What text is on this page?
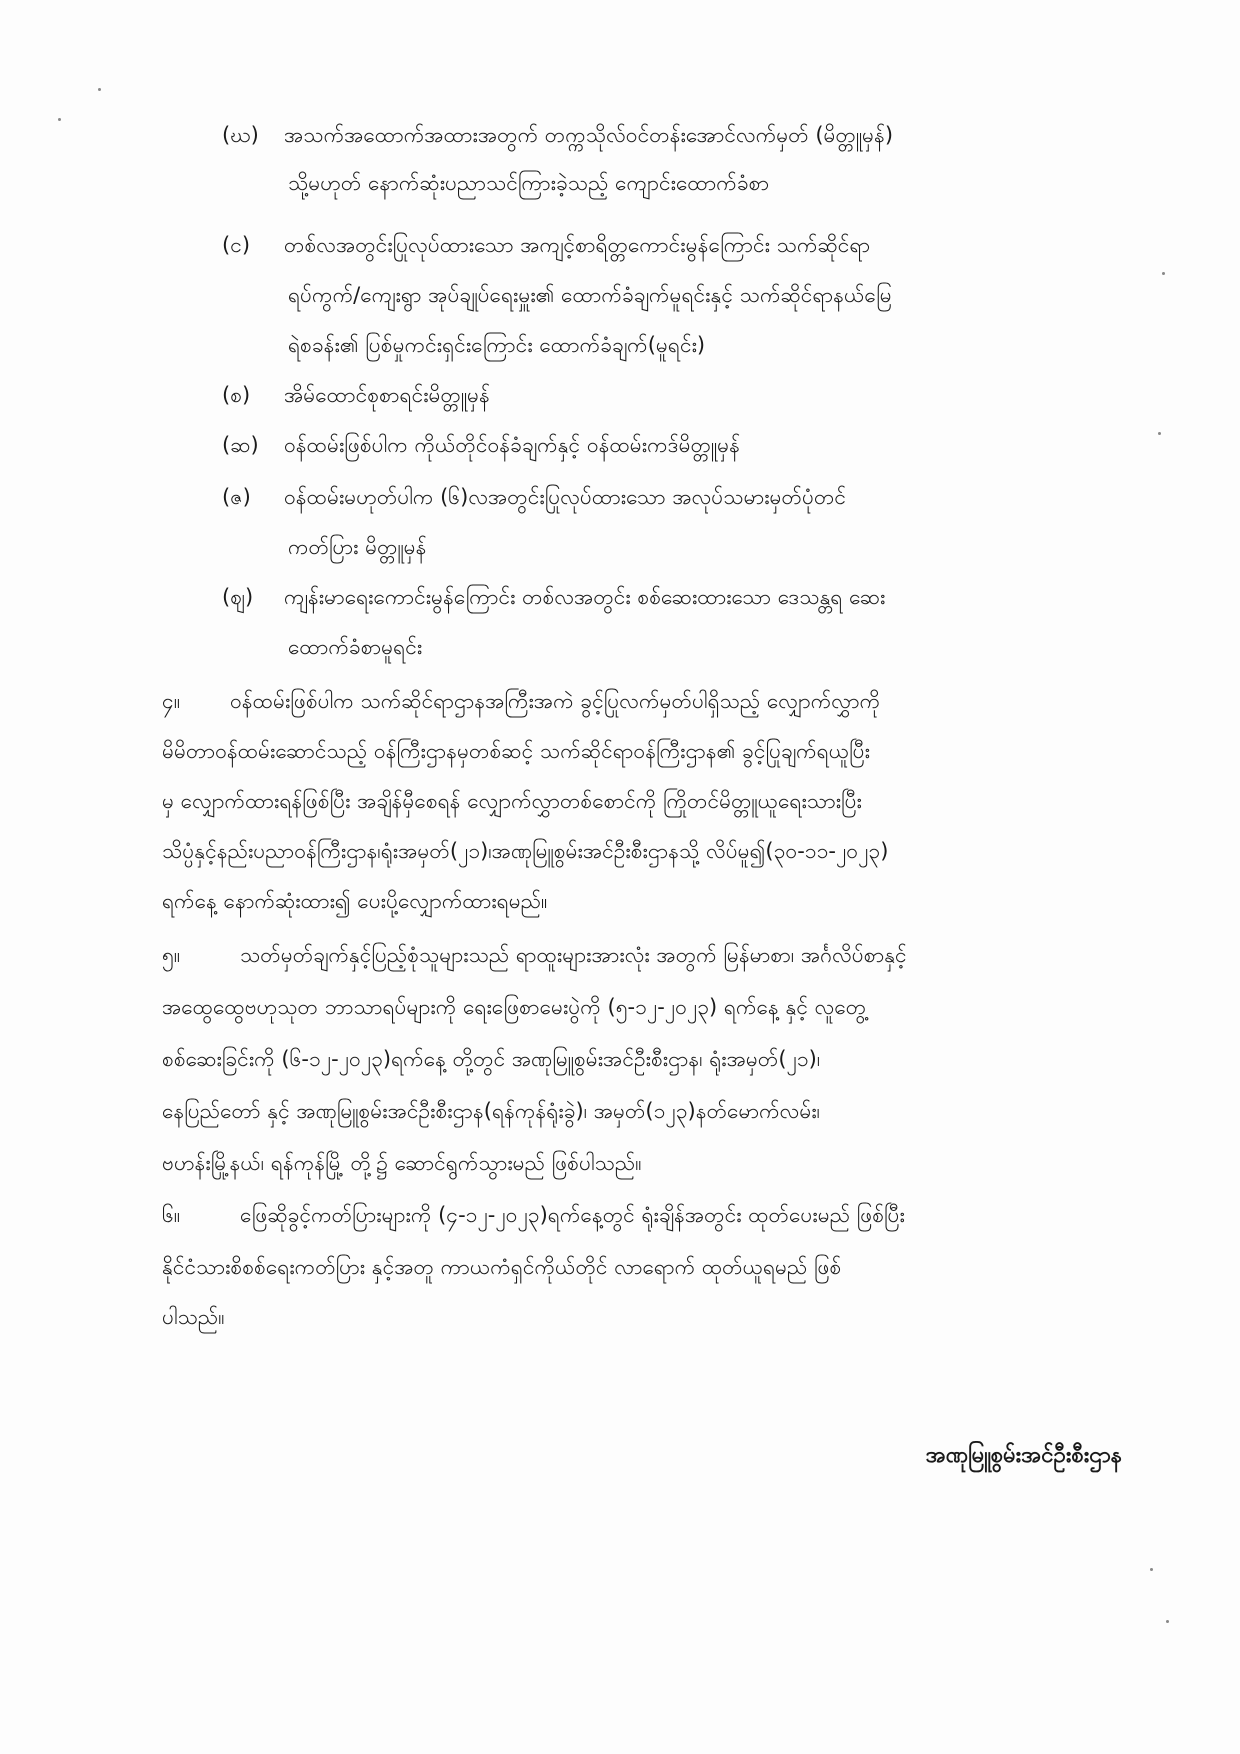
(ဃ) အသက်အထောက်အထားအတွက် တက္ကသိုလ်ဝင်တန်းအောင်လက်မှတ် (မိတ္တူမှန်)
သို့မဟုတ် နောက်ဆုံးပညာသင်ကြားခဲ့သည့် ကျောင်းထောက်ခံစာ
(င) တစ်လအတွင်းပြုလုပ်ထားသော အကျင့်စာရိတ္တကောင်းမွန်ကြောင်း သက်ဆိုင်ရာ
ရပ်ကွက်/ကျေးရွာ အုပ်ချုပ်ရေးမှူး၏ ထောက်ခံချက်မူရင်းနှင့် သက်ဆိုင်ရာနယ်မြေ
ရဲစခန်း၏ ပြစ်မှုကင်းရှင်းကြောင်း ထောက်ခံချက်(မူရင်း)
(စ) အိမ်ထောင်စုစာရင်းမိတ္တူမှန်
(ဆ) ဝန်ထမ်းဖြစ်ပါက ကိုယ်တိုင်ဝန်ခံချက်နှင့် ဝန်ထမ်းကဒ်မိတ္တူမှန်
(ဇ) ဝန်ထမ်းမဟုတ်ပါက (၆)လအတွင်းပြုလုပ်ထားသော အလုပ်သမားမှတ်ပုံတင်
ကတ်ပြား မိတ္တူမှန်
(ဈ) ကျန်းမာရေးကောင်းမွန်ကြောင်း တစ်လအတွင်း စစ်ဆေးထားသော ဒေသန္တရ ဆေး
ထောက်ခံစာမူရင်း
၄။ ဝန်ထမ်းဖြစ်ပါက သက်ဆိုင်ရာဌာနအကြီးအကဲ ခွင့်ပြုလက်မှတ်ပါရှိသည့် လျှောက်လွှာကို
မိမိတာဝန်ထမ်းဆောင်သည့် ဝန်ကြီးဌာနမှတစ်ဆင့် သက်ဆိုင်ရာဝန်ကြီးဌာန၏ ခွင့်ပြုချက်ရယူပြီး
မှ လျှောက်ထားရန်ဖြစ်ပြီး အချိန်မှီစေရန် လျှောက်လွှာတစ်စောင်ကို ကြိုတင်မိတ္တူယူရေးသားပြီး
သိပ္ပံနှင့်နည်းပညာဝန်ကြီးဌာန၊ရုံးအမှတ်(၂၁)၊အဏုမြူစွမ်းအင်ဦးစီးဌာနသို့ လိပ်မူ၍(၃၀-၁၁-၂၀၂၃)
ရက်နေ့ နောက်ဆုံးထား၍ ပေးပို့လျှောက်ထားရမည်။
၅။	သတ်မှတ်ချက်နှင့်ပြည့်စုံသူများသည် ရာထူးများအားလုံး အတွက် မြန်မာစာ၊ အင်္ဂလိပ်စာနှင့်
အထွေထွေဗဟုသုတ ဘာသာရပ်များကို ရေးဖြေစာမေးပွဲကို (၅-၁၂-၂၀၂၃) ရက်နေ့ နှင့် လူတွေ့
စစ်ဆေးခြင်းကို (၆-၁၂-၂၀၂၃)ရက်နေ့ တို့တွင် အဏုမြူစွမ်းအင်ဦးစီးဌာန၊ ရုံးအမှတ်(၂၁)၊
နေပြည်တော် နှင့် အဏုမြူစွမ်းအင်ဦးစီးဌာန(ရန်ကုန်ရုံးခွဲ)၊ အမှတ်(၁၂၃)နတ်မောက်လမ်း၊
ဗဟန်းမြို့နယ်၊ ရန်ကုန်မြို့ တို့၌ ဆောင်ရွက်သွားမည် ဖြစ်ပါသည်။
၆။	ဖြေဆိုခွင့်ကတ်ပြားများကို (၄-၁၂-၂၀၂၃)ရက်နေ့တွင် ရုံးချိန်အတွင်း ထုတ်ပေးမည် ဖြစ်ပြီး
နိုင်ငံသားစိစစ်ရေးကတ်ပြား နှင့်အတူ ကာယကံရှင်ကိုယ်တိုင် လာရောက် ထုတ်ယူရမည် ဖြစ်
ပါသည်။
အဏုမြူစွမ်းအင်ဦးစီးဌာန
